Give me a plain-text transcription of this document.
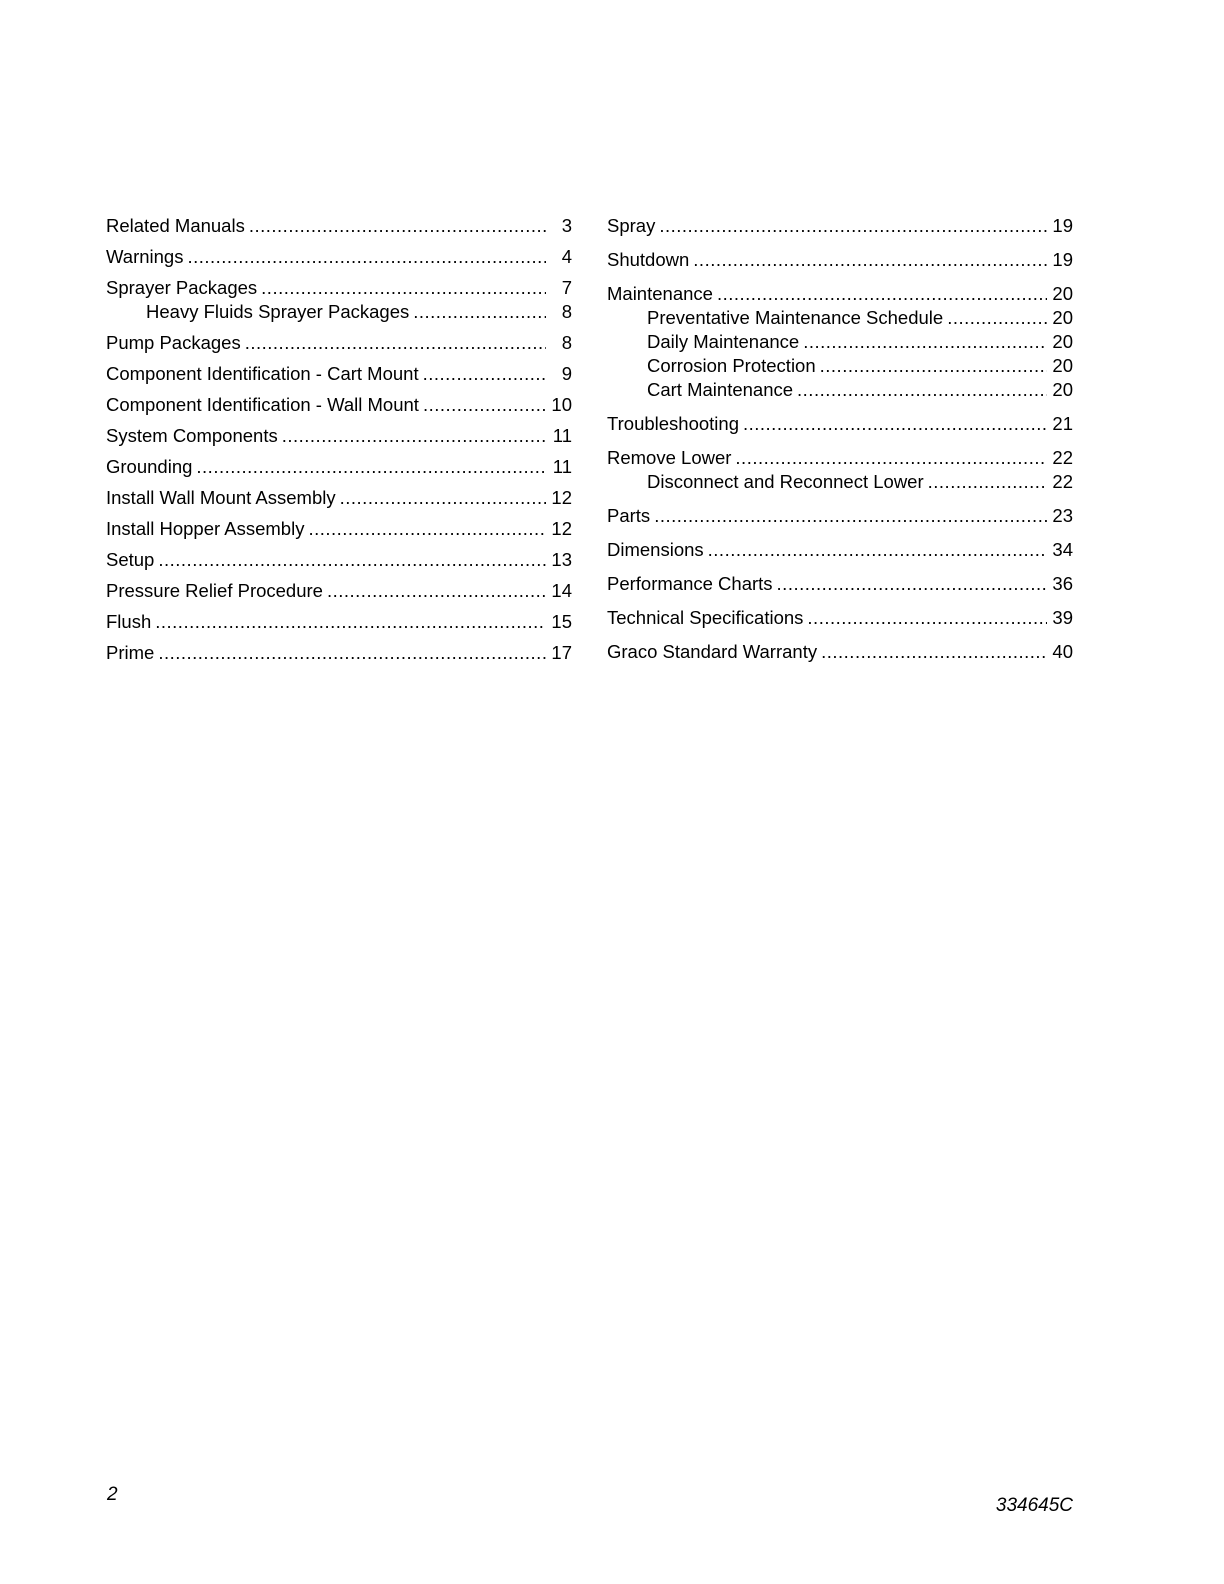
Related Manuals .....	3
Warnings .....	4
Sprayer Packages .....	7
Heavy Fluids Sprayer Packages .....	8
Pump Packages .....	8
Component Identification - Cart Mount .....	9
Component Identification - Wall Mount .....	10
System Components .....	11
Grounding .....	11
Install Wall Mount Assembly .....	12
Install Hopper Assembly .....	12
Setup .....	13
Pressure Relief Procedure .....	14
Flush .....	15
Prime .....	17
Spray .....	19
Shutdown .....	19
Maintenance .....	20
Preventative Maintenance Schedule .....	20
Daily Maintenance .....	20
Corrosion Protection .....	20
Cart Maintenance .....	20
Troubleshooting .....	21
Remove Lower .....	22
Disconnect and Reconnect Lower .....	22
Parts .....	23
Dimensions .....	34
Performance Charts .....	36
Technical Specifications .....	39
Graco Standard Warranty .....	40
2
334645C
